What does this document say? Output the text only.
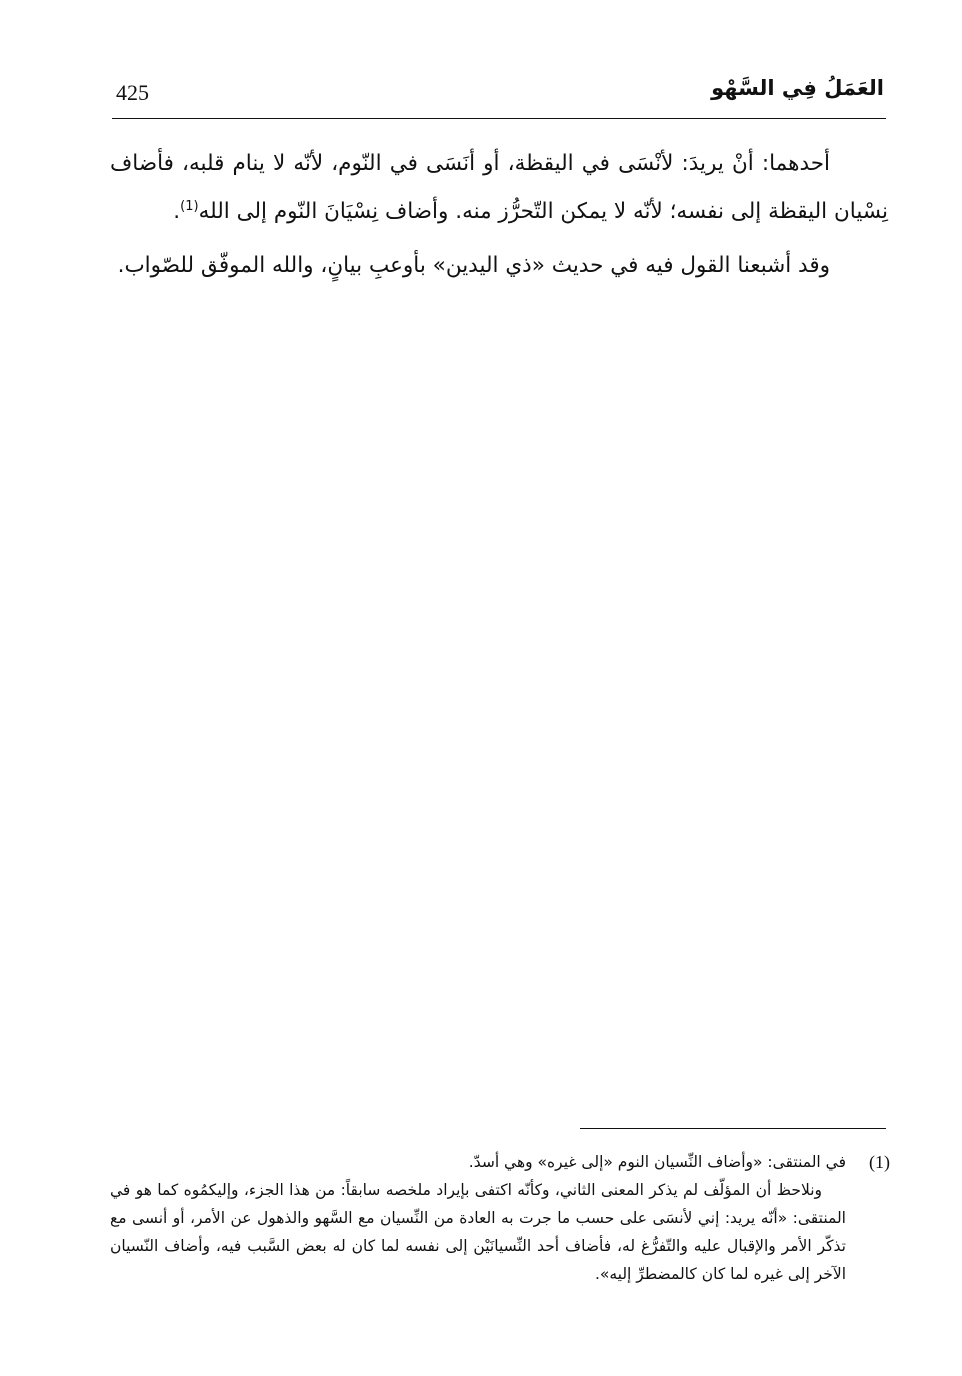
425	العَمَلُ فِي السَّهْو

أحدهما: أنْ يريدَ: لأنْسَى في اليقظة، أو أنَسَى في النّوم، لأنّه لا ينام قلبه، فأضاف نِسْيان اليقظة إلى نفسه؛ لأنّه لا يمكن التّحرُّز منه. وأضاف نِسْيَانَ النّوم إلى الله$^{(1)}$.

وقد أشبعنا القول فيه في حديث «ذي اليدين» بأوعبِ بيانٍ، والله الموفّق للصّواب.

(1)

في المنتقى: «وأضاف النِّسيان النوم «إلى غيره» وهي أسدّ.

ونلاحظ أن المؤلّف لم يذكر المعنى الثاني، وكأنّه اكتفى بإيراد ملخصه سابقاً: من هذا الجزء، وإليكمُوه كما هو في المنتقى: «أنّه يريد: إني لأنسَى على حسب ما جرت به العادة من النِّسيان مع السَّهو والذهول عن الأمر، أو أنسى مع تذكّر الأمر والإقبال عليه والتّفرُّغ له، فأضاف أحد النِّسيانَيْن إلى نفسه لما كان له بعض السَّبب فيه، وأضاف النّسيان الآخر إلى غيره لما كان كالمضطرِّ إليه».
